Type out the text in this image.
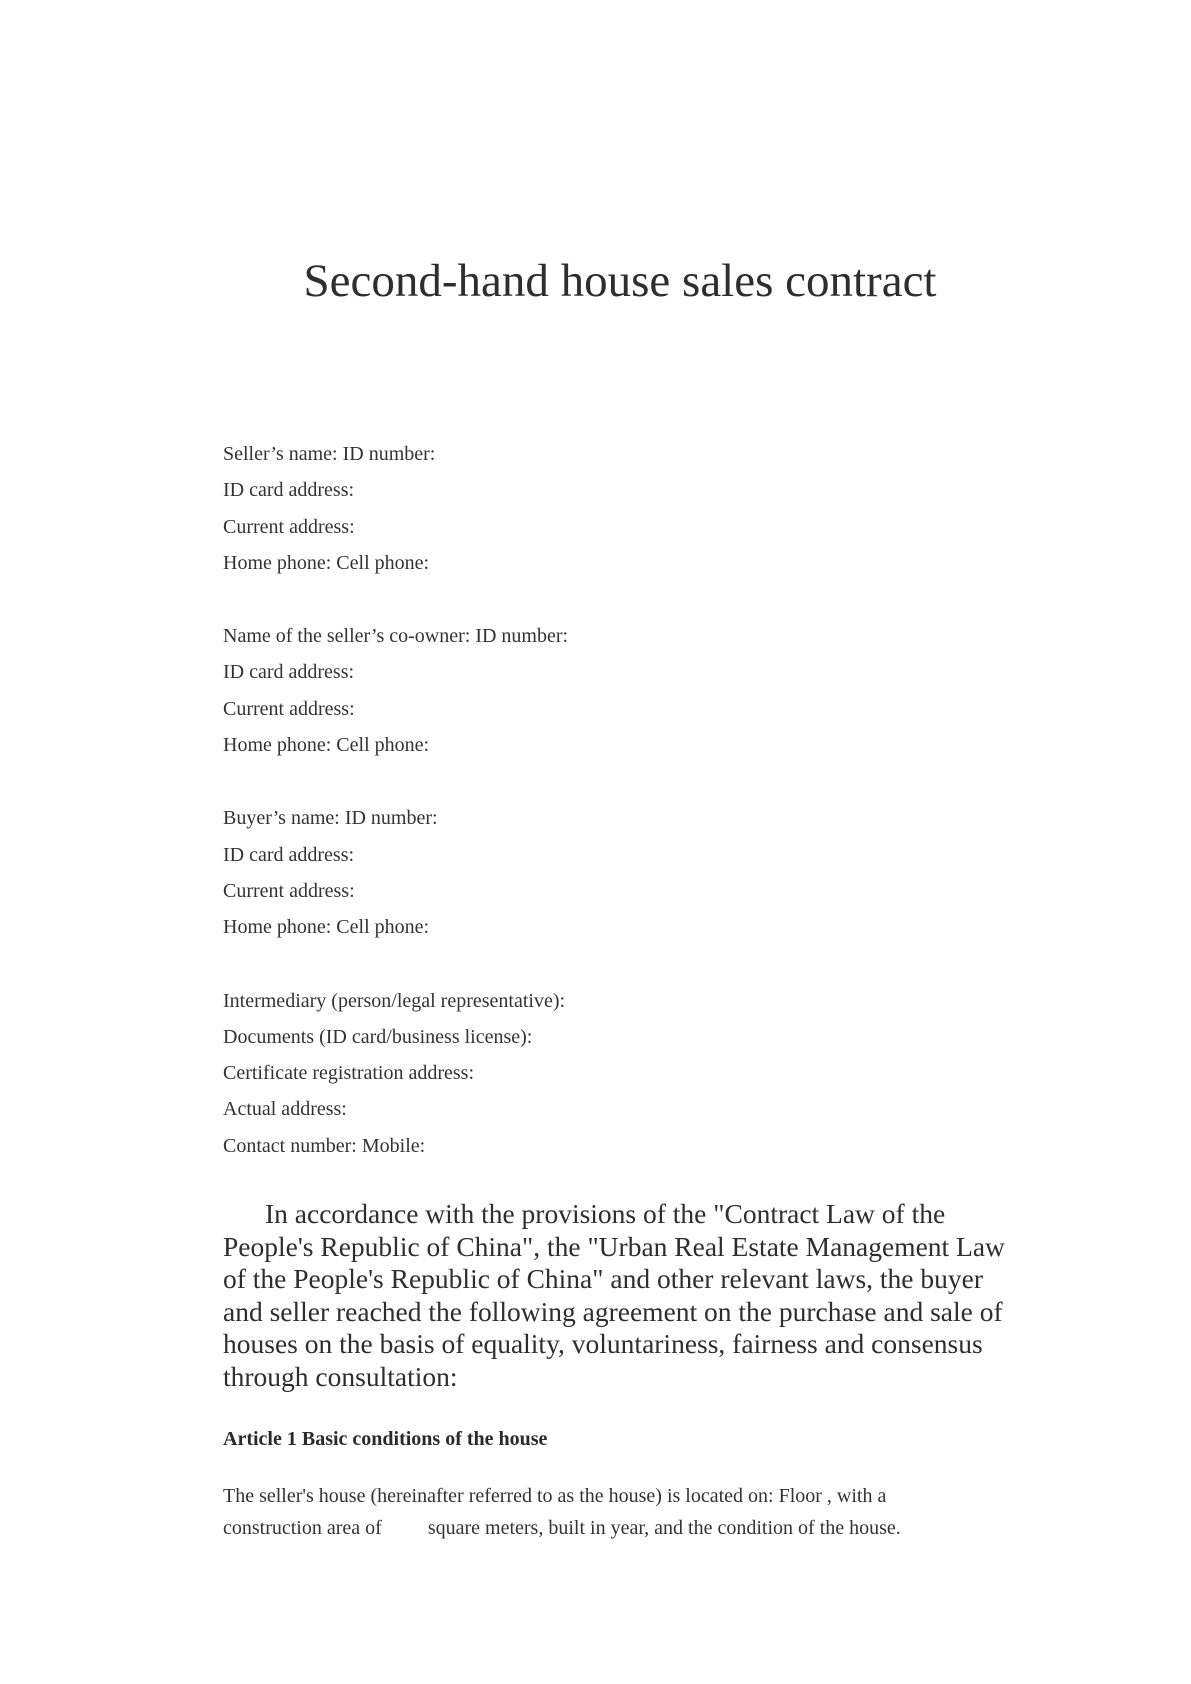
Second-hand house sales contract
Seller’s name: ID number:
ID card address:
Current address:
Home phone: Cell phone:
Name of the seller’s co-owner: ID number:
ID card address:
Current address:
Home phone: Cell phone:
Buyer’s name: ID number:
ID card address:
Current address:
Home phone: Cell phone:
Intermediary (person/legal representative):
Documents (ID card/business license):
Certificate registration address:
Actual address:
Contact number: Mobile:

In accordance with the provisions of the "Contract Law of the People's Republic of China", the "Urban Real Estate Management Law of the People's Republic of China" and other relevant laws, the buyer and seller reached the following agreement on the purchase and sale of houses on the basis of equality, voluntariness, fairness and consensus through consultation:

Article 1 Basic conditions of the house

The seller's house (hereinafter referred to as the house) is located on: Floor , with a construction area of square meters, built in year, and the condition of the house.
